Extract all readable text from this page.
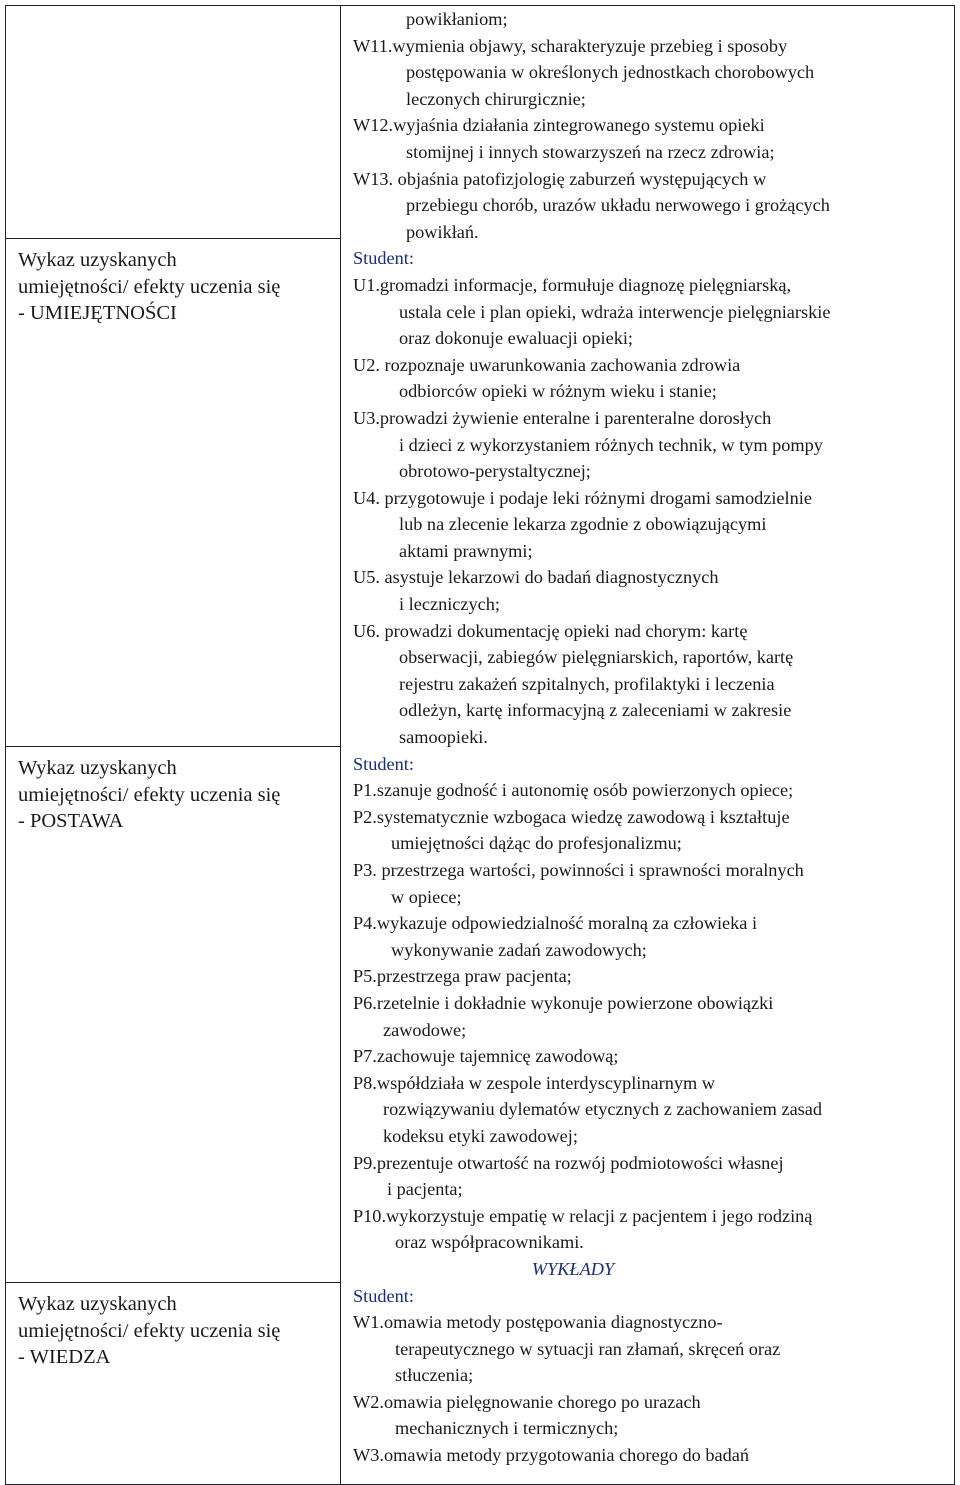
Wykaz uzyskanych
umiejętności/ efekty uczenia się
- UMIEJĘTNOŚCI
Wykaz uzyskanych
umiejętności/ efekty uczenia się
- POSTAWA
Wykaz uzyskanych
umiejętności/ efekty uczenia się
- WIEDZA
powikłaniom;
W11.wymienia objawy, scharakteryzuje przebieg i sposoby
postępowania w określonych jednostkach chorobowych
leczonych chirurgicznie;
W12.wyjaśnia działania zintegrowanego systemu opieki
stomijnej i innych stowarzyszeń na rzecz zdrowia;
W13. objaśnia patofizjologię zaburzeń występujących w
przebiegu chorób, urazów układu nerwowego i grożących
powikłań.
Student:
U1.gromadzi informacje, formułuje diagnozę pielęgniarską,
ustala cele i plan opieki, wdraża interwencje pielęgniarskie
oraz dokonuje ewaluacji opieki;
U2. rozpoznaje uwarunkowania zachowania zdrowia
odbiorców opieki w różnym wieku i stanie;
U3.prowadzi żywienie enteralne i parenteralne dorosłych
i dzieci z wykorzystaniem różnych technik, w tym pompy
obrotowo-perystaltycznej;
U4. przygotowuje i podaje leki różnymi drogami samodzielnie
lub na zlecenie lekarza zgodnie z obowiązującymi
aktami prawnymi;
U5. asystuje lekarzowi do badań diagnostycznych
i leczniczych;
U6. prowadzi dokumentację opieki nad chorym: kartę
obserwacji, zabiegów pielęgniarskich, raportów, kartę
rejestru zakażeń szpitalnych, profilaktyki i leczenia
odleżyn, kartę informacyjną z zaleceniami w zakresie
samoopieki.
Student:
P1.szanuje godność i autonomię osób powierzonych opiece;
P2.systematycznie wzbogaca wiedzę zawodową i kształtuje
umiejętności dążąc do profesjonalizmu;
P3. przestrzega wartości, powinności i sprawności moralnych
w opiece;
P4.wykazuje odpowiedzialność moralną za człowieka i
wykonywanie zadań zawodowych;
P5.przestrzega praw pacjenta;
P6.rzetelnie i dokładnie wykonuje powierzone obowiązki
zawodowe;
P7.zachowuje tajemnicę zawodową;
P8.współdziała w zespole interdyscyplinarnym w
rozwiązywaniu dylematów etycznych z zachowaniem zasad
kodeksu etyki zawodowej;
P9.prezentuje otwartość na rozwój podmiotowości własnej
i pacjenta;
P10.wykorzystuje empatię w relacji z pacjentem i jego rodziną
oraz współpracownikami.
WYKŁADY
Student:
W1.omawia metody postępowania diagnostyczno-
terapeutycznego w sytuacji ran złamań, skręceń oraz
stłuczenia;
W2.omawia pielęgnowanie chorego po urazach
mechanicznych i termicznych;
W3.omawia metody przygotowania chorego do badań
